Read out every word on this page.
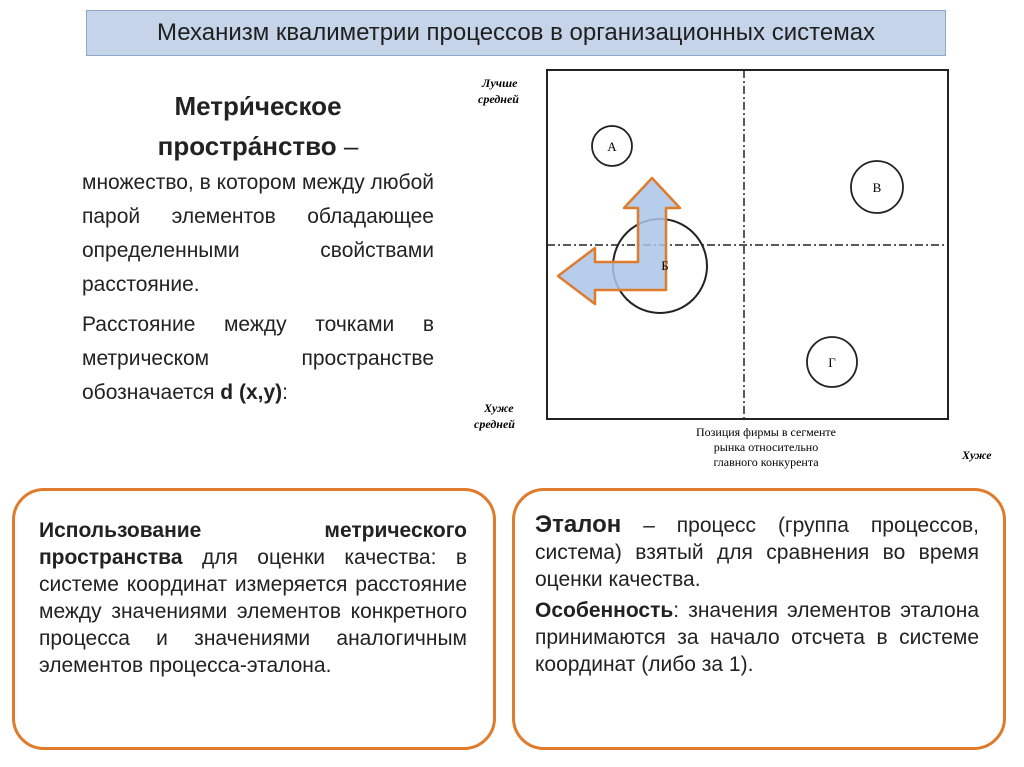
Механизм квалиметрии процессов в организационных системах
Метри́ческое
простра́нство –

множество, в котором между любой парой элементов обладающее определенными свойствами расстояние.

Расстояние между точками в метрическом пространстве обозначается d (x,y):

Лучше
средней
Хуже
средней
Позиция фирмы в сегменте
рынка относительно
главного конкурента	Хуже
А
В
Г
Б

Использование метрического пространства для оценки качества: в системе координат измеряется расстояние между значениями элементов конкретного процесса и значениями аналогичным элементов процесса-эталона.

Эталон – процесс (группа процессов, система) взятый для сравнения во время оценки качества.

Особенность: значения элементов эталона принимаются за начало отсчета в системе координат (либо за 1).
